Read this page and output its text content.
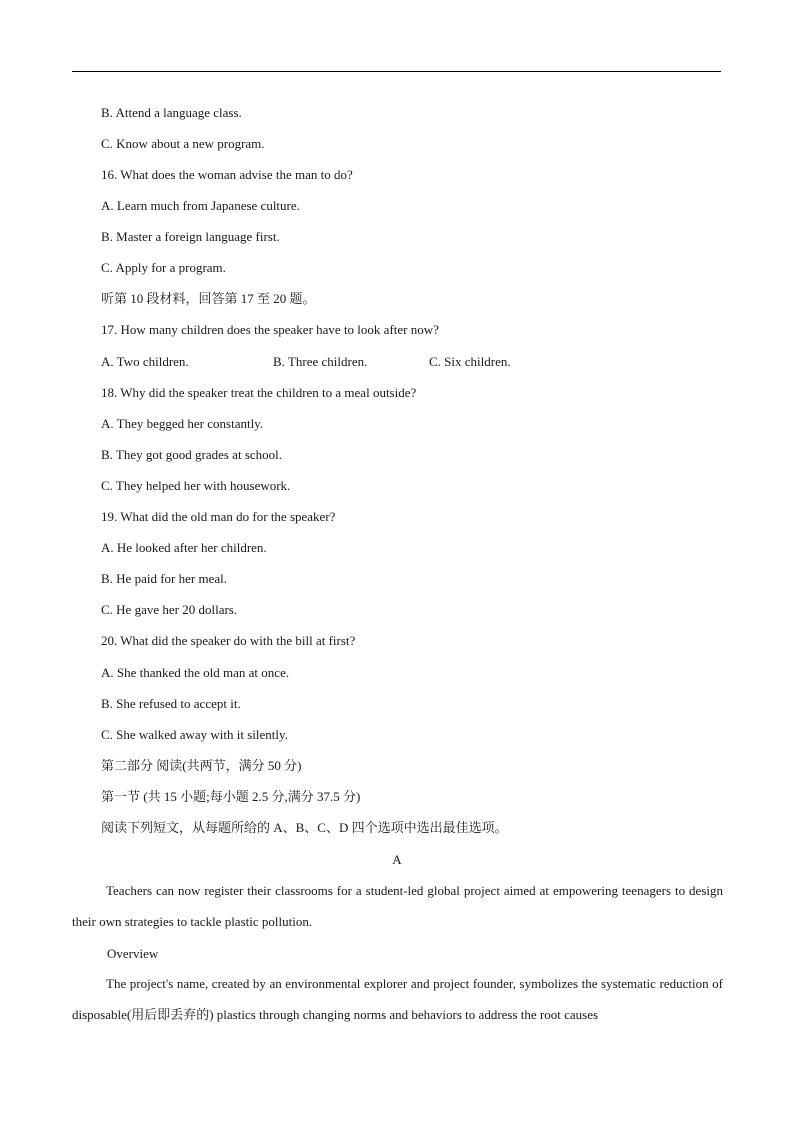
B. Attend a language class.
C. Know about a new program.
16. What does the woman advise the man to do?
A. Learn much from Japanese culture.
B. Master a foreign language first.
C. Apply for a program.
听第 10 段材料，回答第 17 至 20 题。
17. How many children does the speaker have to look after now?
A. Two children.	B. Three children.	C. Six children.
18. Why did the speaker treat the children to a meal outside?
A. They begged her constantly.
B. They got good grades at school.
C. They helped her with housework.
19. What did the old man do for the speaker?
A. He looked after her children.
B. He paid for her meal.
C. He gave her 20 dollars.
20. What did the speaker do with the bill at first?
A. She thanked the old man at once.
B. She refused to accept it.
C. She walked away with it silently.
第二部分 阅读(共两节，满分 50 分)
第一节 (共 15 小题;每小题 2.5 分,满分 37.5 分)
阅读下列短文，从每题所给的 A、B、C、D 四个选项中选出最佳选项。
A
Teachers can now register their classrooms for a student-led global project aimed at empowering teenagers to design their own strategies to tackle plastic pollution.
Overview
The project's name, created by an environmental explorer and project founder, symbolizes the systematic reduction of disposable(用后即丢弃的) plastics through changing norms and behaviors to address the root causes
